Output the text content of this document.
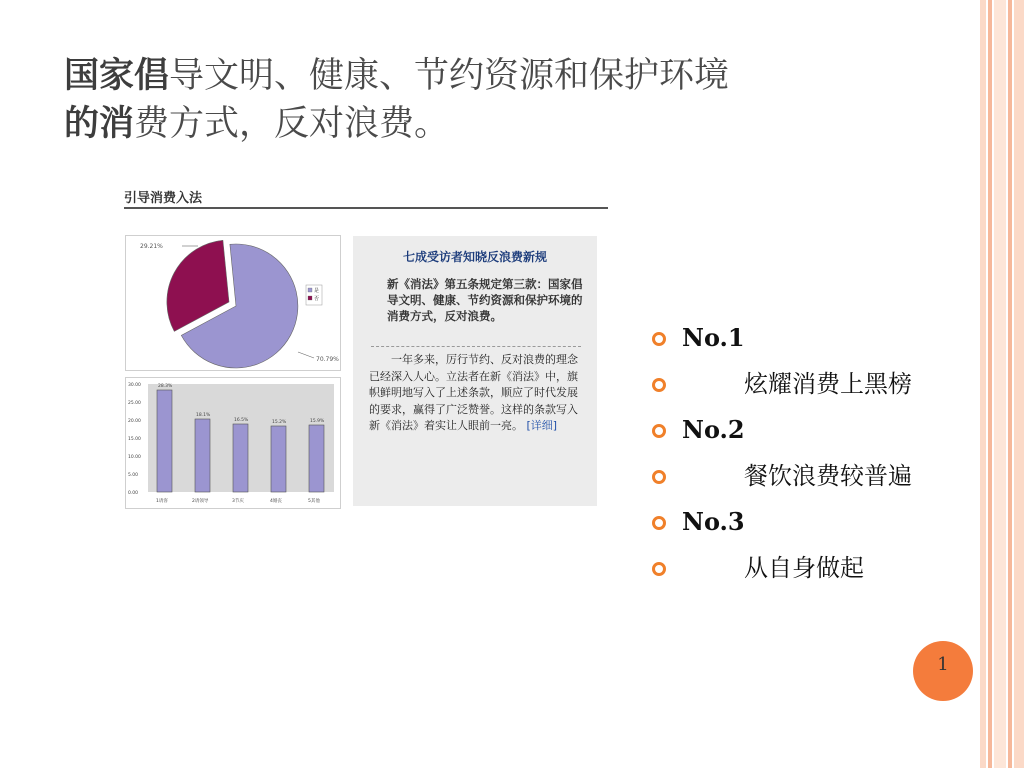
国家倡导文明、健康、节约资源和保护环境
的消费方式，反对浪费。
引导消费入法
29.21%
70.79%
是
否
30.00
25.00
20.00
15.00
10.00
5.00
0.00
28.3%
18.1%
16.5%	15.2%	15.9%
1请客	2请领导	3节庆	4婚丧	5其他
七成受访者知晓反浪费新规
新《消法》第五条规定第三款：国家倡导文明、健康、节约资源和保护环境的消费方式，反对浪费。
一年多来，厉行节约、反对浪费的理念已经深入人心。立法者在新《消法》中，旗帜鲜明地写入了上述条款，顺应了时代发展的要求，赢得了广泛赞誉。这样的条款写入新《消法》着实让人眼前一亮。 [详细]
No.1
炫耀消费上黑榜
No.2
餐饮浪费较普遍
No.3
从自身做起
1
